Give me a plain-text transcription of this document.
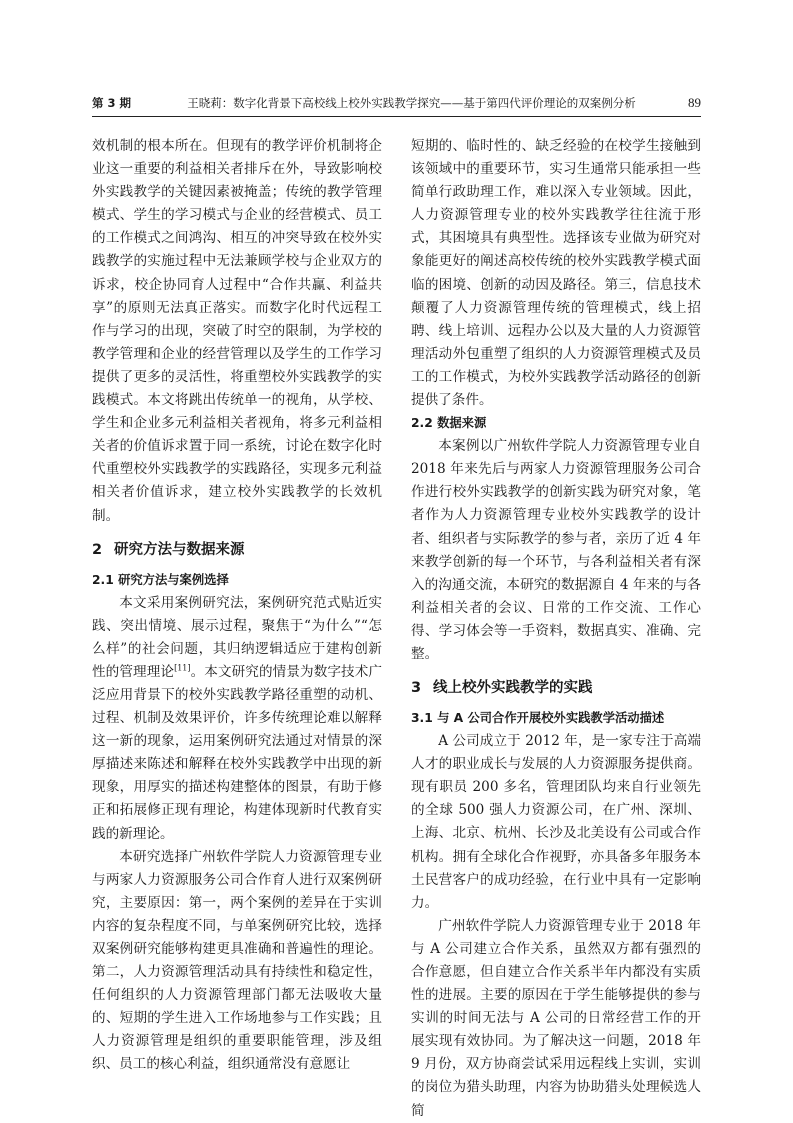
第 3 期	王晓莉：数字化背景下高校线上校外实践教学探究——基于第四代评价理论的双案例分析	89

效机制的根本所在。但现有的教学评价机制将企业这一重要的利益相关者排斥在外，导致影响校外实践教学的关键因素被掩盖；传统的教学管理模式、学生的学习模式与企业的经营模式、员工的工作模式之间鸿沟、相互的冲突导致在校外实践教学的实施过程中无法兼顾学校与企业双方的诉求，校企协同育人过程中“合作共赢、利益共享”的原则无法真正落实。而数字化时代远程工作与学习的出现，突破了时空的限制，为学校的教学管理和企业的经营管理以及学生的工作学习提供了更多的灵活性，将重塑校外实践教学的实践模式。本文将跳出传统单一的视角，从学校、学生和企业多元利益相关者视角，将多元利益相关者的价值诉求置于同一系统，讨论在数字化时代重塑校外实践教学的实践路径，实现多元利益相关者价值诉求，建立校外实践教学的长效机制。

2 研究方法与数据来源

2.1 研究方法与案例选择

本文采用案例研究法，案例研究范式贴近实践、突出情境、展示过程，聚焦于“为什么”“怎么样”的社会问题，其归纳逻辑适应于建构创新性的管理理论[11]。本文研究的情景为数字技术广泛应用背景下的校外实践教学路径重塑的动机、过程、机制及效果评价，许多传统理论难以解释这一新的现象，运用案例研究法通过对情景的深厚描述来陈述和解释在校外实践教学中出现的新现象，用厚实的描述构建整体的图景，有助于修正和拓展修正现有理论，构建体现新时代教育实践的新理论。

本研究选择广州软件学院人力资源管理专业与两家人力资源服务公司合作育人进行双案例研究，主要原因：第一，两个案例的差异在于实训内容的复杂程度不同，与单案例研究比较，选择双案例研究能够构建更具准确和普遍性的理论。第二，人力资源管理活动具有持续性和稳定性，任何组织的人力资源管理部门都无法吸收大量的、短期的学生进入工作场地参与工作实践；且人力资源管理是组织的重要职能管理，涉及组织、员工的核心利益，组织通常没有意愿让

短期的、临时性的、缺乏经验的在校学生接触到该领域中的重要环节，实习生通常只能承担一些简单行政助理工作，难以深入专业领域。因此，人力资源管理专业的校外实践教学往往流于形式，其困境具有典型性。选择该专业做为研究对象能更好的阐述高校传统的校外实践教学模式面临的困境、创新的动因及路径。第三，信息技术颠覆了人力资源管理传统的管理模式，线上招聘、线上培训、远程办公以及大量的人力资源管理活动外包重塑了组织的人力资源管理模式及员工的工作模式，为校外实践教学活动路径的创新提供了条件。

2.2 数据来源

本案例以广州软件学院人力资源管理专业自 2018 年来先后与两家人力资源管理服务公司合作进行校外实践教学的创新实践为研究对象，笔者作为人力资源管理专业校外实践教学的设计者、组织者与实际教学的参与者，亲历了近 4 年来教学创新的每一个环节，与各利益相关者有深入的沟通交流，本研究的数据源自 4 年来的与各利益相关者的会议、日常的工作交流、工作心得、学习体会等一手资料，数据真实、准确、完整。

3 线上校外实践教学的实践

3.1 与 A 公司合作开展校外实践教学活动描述

A 公司成立于 2012 年，是一家专注于高端人才的职业成长与发展的人力资源服务提供商。现有职员 200 多名，管理团队均来自行业领先的全球 500 强人力资源公司，在广州、深圳、上海、北京、杭州、长沙及北美设有公司或合作机构。拥有全球化合作视野，亦具备多年服务本土民营客户的成功经验，在行业中具有一定影响力。

广州软件学院人力资源管理专业于 2018 年与 A 公司建立合作关系，虽然双方都有强烈的合作意愿，但自建立合作关系半年内都没有实质性的进展。主要的原因在于学生能够提供的参与实训的时间无法与 A 公司的日常经营工作的开展实现有效协同。为了解决这一问题，2018 年 9 月份，双方协商尝试采用远程线上实训，实训的岗位为猎头助理，内容为协助猎头处理候选人简
